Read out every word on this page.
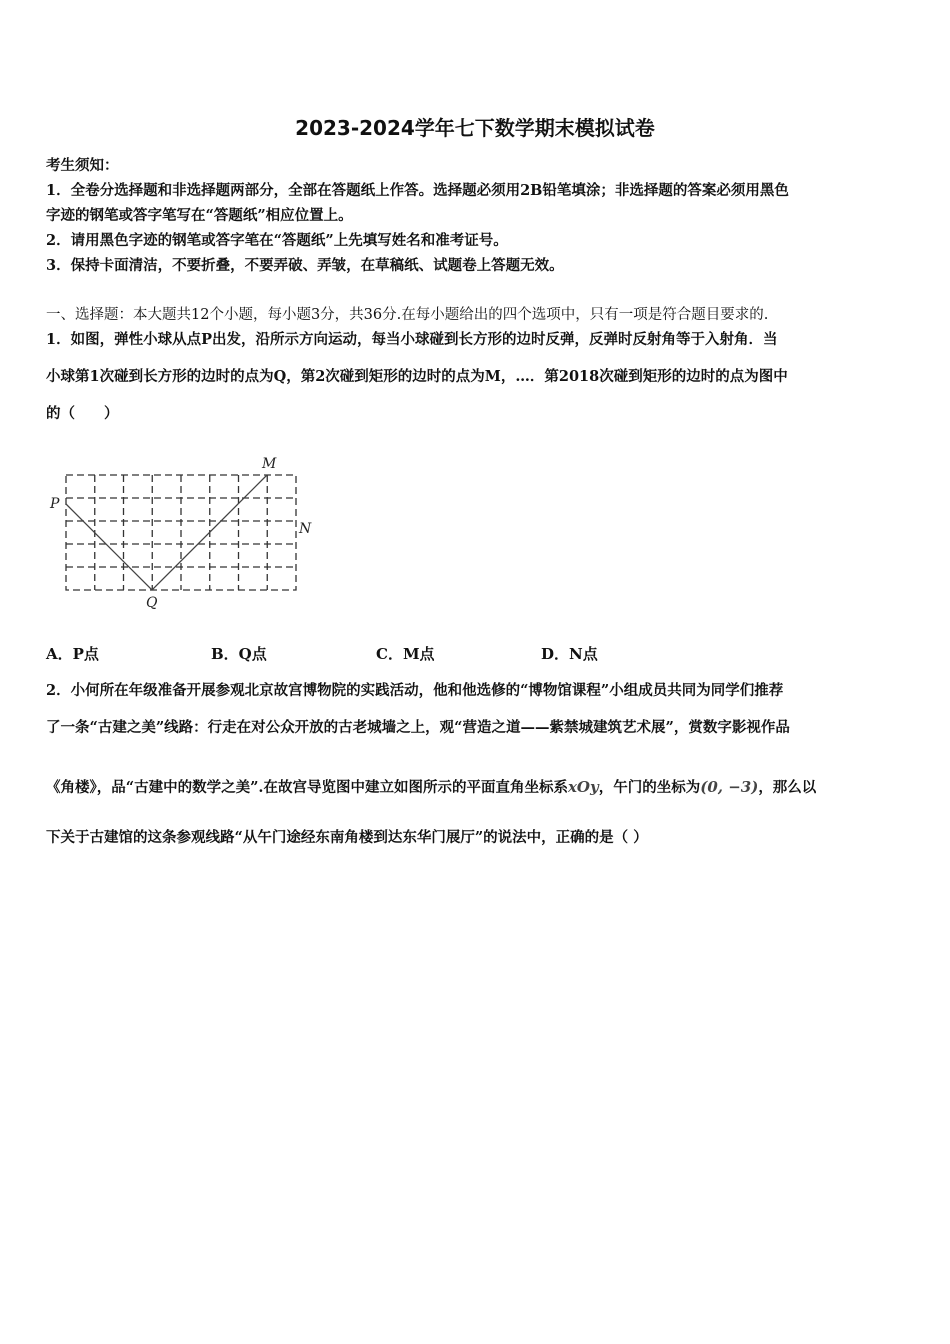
2023-2024学年七下数学期末模拟试卷
考生须知：
1．全卷分选择题和非选择题两部分，全部在答题纸上作答。选择题必须用2B铅笔填涂；非选择题的答案必须用黑色
字迹的钢笔或答字笔写在“答题纸”相应位置上。
2．请用黑色字迹的钢笔或答字笔在“答题纸”上先填写姓名和准考证号。
3．保持卡面清洁，不要折叠，不要弄破、弄皱，在草稿纸、试题卷上答题无效。
一、选择题：本大题共12个小题，每小题3分，共36分.在每小题给出的四个选项中，只有一项是符合题目要求的.
1．如图，弹性小球从点P出发，沿所示方向运动，每当小球碰到长方形的边时反弹，反弹时反射角等于入射角．当
小球第1次碰到长方形的边时的点为Q，第2次碰到矩形的边时的点为M，…．第2018次碰到矩形的边时的点为图中
的（　　）
P
Q
M
N
A．P点	B．Q点	C．M点	D．N点
2．小何所在年级准备开展参观北京故宫博物院的实践活动，他和他选修的“博物馆课程”小组成员共同为同学们推荐
了一条“古建之美”线路：行走在对公众开放的古老城墙之上，观“营造之道——紫禁城建筑艺术展”，赏数字影视作品
《角楼》，品“古建中的数学之美”.在故宫导览图中建立如图所示的平面直角坐标系xOy，午门的坐标为(0, −3)，那么以
下关于古建馆的这条参观线路“从午门途经东南角楼到达东华门展厅”的说法中，正确的是（ ）
